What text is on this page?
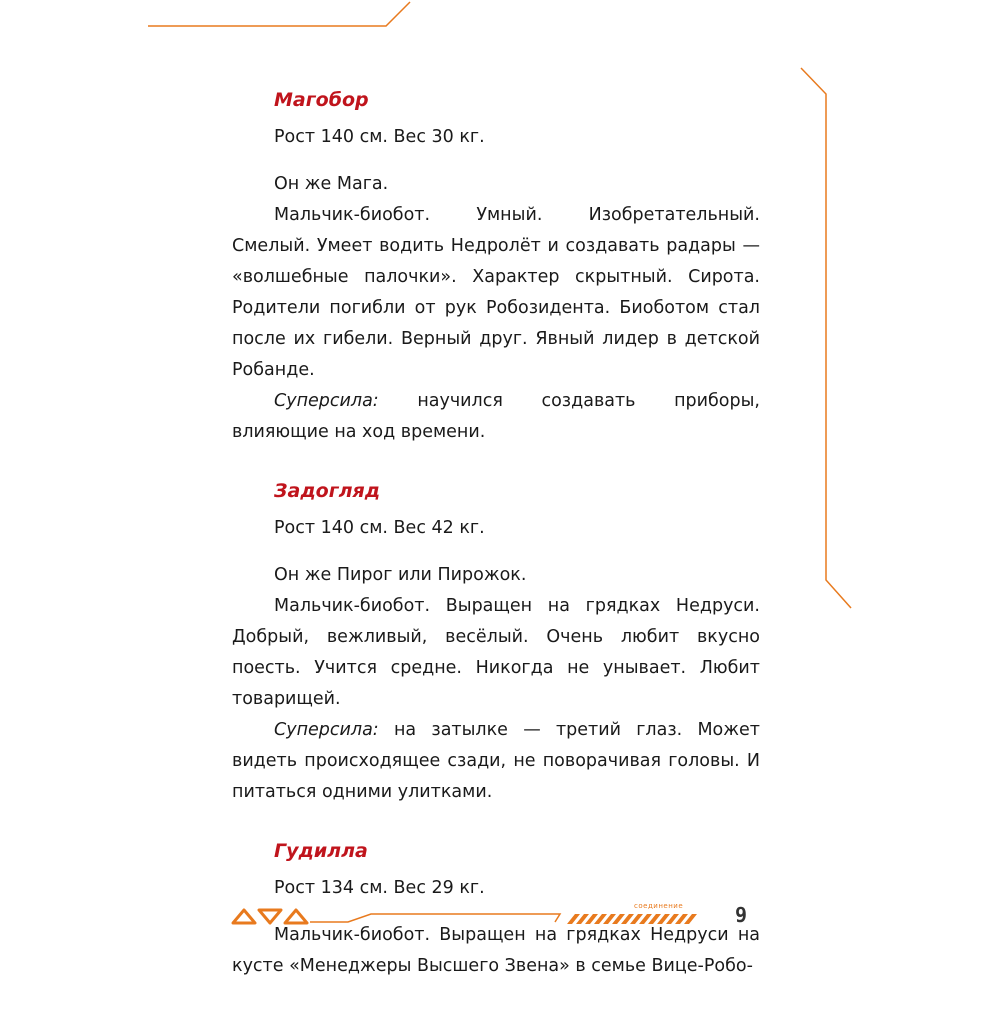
соединение	9
Магобор

Рост 140 см. Вес 30 кг.

Он же Мага.

Мальчик-биобот. Умный. Изобретательный. Смелый. Умеет водить Недролёт и создавать радары — «волшебные палочки». Характер скрытный. Сирота. Родители погибли от рук Робозидента. Биоботом стал после их гибели. Верный друг. Явный лидер в детской Робанде.

Суперсила: научился создавать приборы, влияющие на ход времени.

Задогляд

Рост 140 см. Вес 42 кг.

Он же Пирог или Пирожок.

Мальчик-биобот. Выращен на грядках Недруси. Добрый, вежливый, весёлый. Очень любит вкусно поесть. Учится средне. Никогда не унывает. Любит товарищей.

Суперсила: на затылке — третий глаз. Может видеть происходящее сзади, не поворачивая головы. И питаться одними улитками.

Гудилла

Рост 134 см. Вес 29 кг.

Мальчик-биобот. Выращен на грядках Недруси на кусте «Менеджеры Высшего Звена» в семье Вице-Робо-
